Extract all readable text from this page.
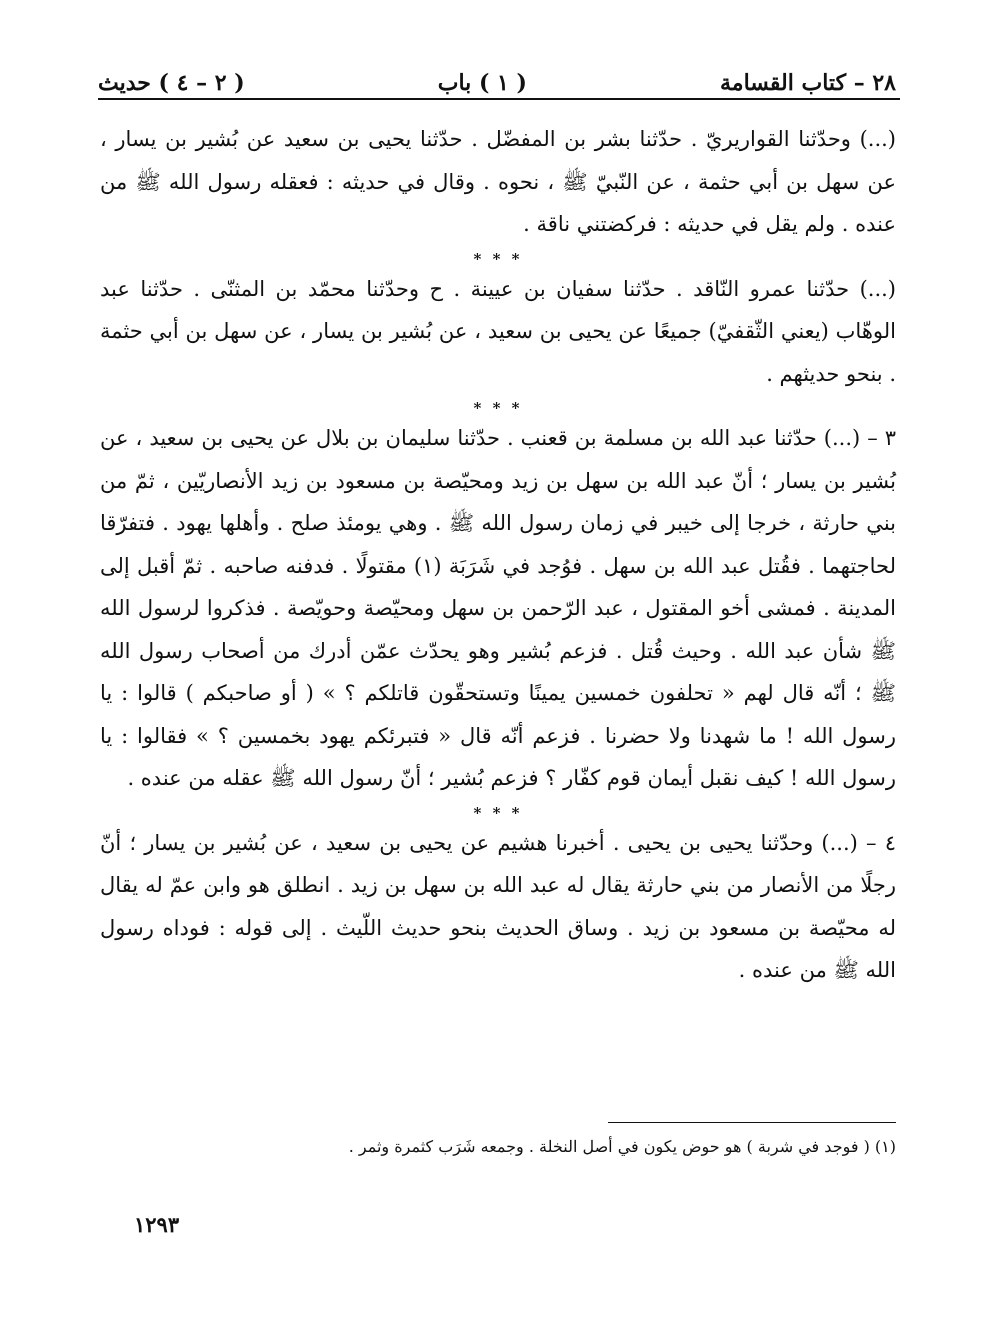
٢٨ – كتاب القسامة
( ١ ) باب
( ٢ – ٤ ) حديث

(...) وحدّثنا القواريريّ . حدّثنا بشر بن المفضّل . حدّثنا يحيى بن سعيد عن بُشير بن يسار ، عن سهل بن أبي حثمة ، عن النّبيّ ﷺ ، نحوه . وقال في حديثه : فعقله رسول الله ﷺ من عنده . ولم يقل في حديثه : فركضتني ناقة .

* * *

(...) حدّثنا عمرو النّاقد . حدّثنا سفيان بن عيينة . ح وحدّثنا محمّد بن المثنّى . حدّثنا عبد الوهّاب (يعني الثّقفيّ) جميعًا عن يحيى بن سعيد ، عن بُشير بن يسار ، عن سهل بن أبي حثمة . بنحو حديثهم .

* * *

٣ – (...) حدّثنا عبد الله بن مسلمة بن قعنب . حدّثنا سليمان بن بلال عن يحيى بن سعيد ، عن بُشير بن يسار ؛ أنّ عبد الله بن سهل بن زيد ومحيّصة بن مسعود بن زيد الأنصاريّين ، ثمّ من بني حارثة ، خرجا إلى خيبر في زمان رسول الله ﷺ . وهي يومئذ صلح . وأهلها يهود . فتفرّقا لحاجتهما . فقُتل عبد الله بن سهل . فوُجد في شَرَبَة (١) مقتولًا . فدفنه صاحبه . ثمّ أقبل إلى المدينة . فمشى أخو المقتول ، عبد الرّحمن بن سهل ومحيّصة وحويّصة . فذكروا لرسول الله ﷺ شأن عبد الله . وحيث قُتل . فزعم بُشير وهو يحدّث عمّن أدرك من أصحاب رسول الله ﷺ ؛ أنّه قال لهم « تحلفون خمسين يمينًا وتستحقّون قاتلكم ؟ » ( أو صاحبكم ) قالوا : يا رسول الله ! ما شهدنا ولا حضرنا . فزعم أنّه قال « فتبرئكم يهود بخمسين ؟ » فقالوا : يا رسول الله ! كيف نقبل أيمان قوم كفّار ؟ فزعم بُشير ؛ أنّ رسول الله ﷺ عقله من عنده .

* * *

٤ – (...) وحدّثنا يحيى بن يحيى . أخبرنا هشيم عن يحيى بن سعيد ، عن بُشير بن يسار ؛ أنّ رجلًا من الأنصار من بني حارثة يقال له عبد الله بن سهل بن زيد . انطلق هو وابن عمّ له يقال له محيّصة بن مسعود بن زيد . وساق الحديث بنحو حديث اللّيث . إلى قوله : فوداه رسول الله ﷺ من عنده .

(١) ( فوجد في شربة ) هو حوض يكون في أصل النخلة . وجمعه شَرَب كثمرة وثمر .
١٢٩٣
